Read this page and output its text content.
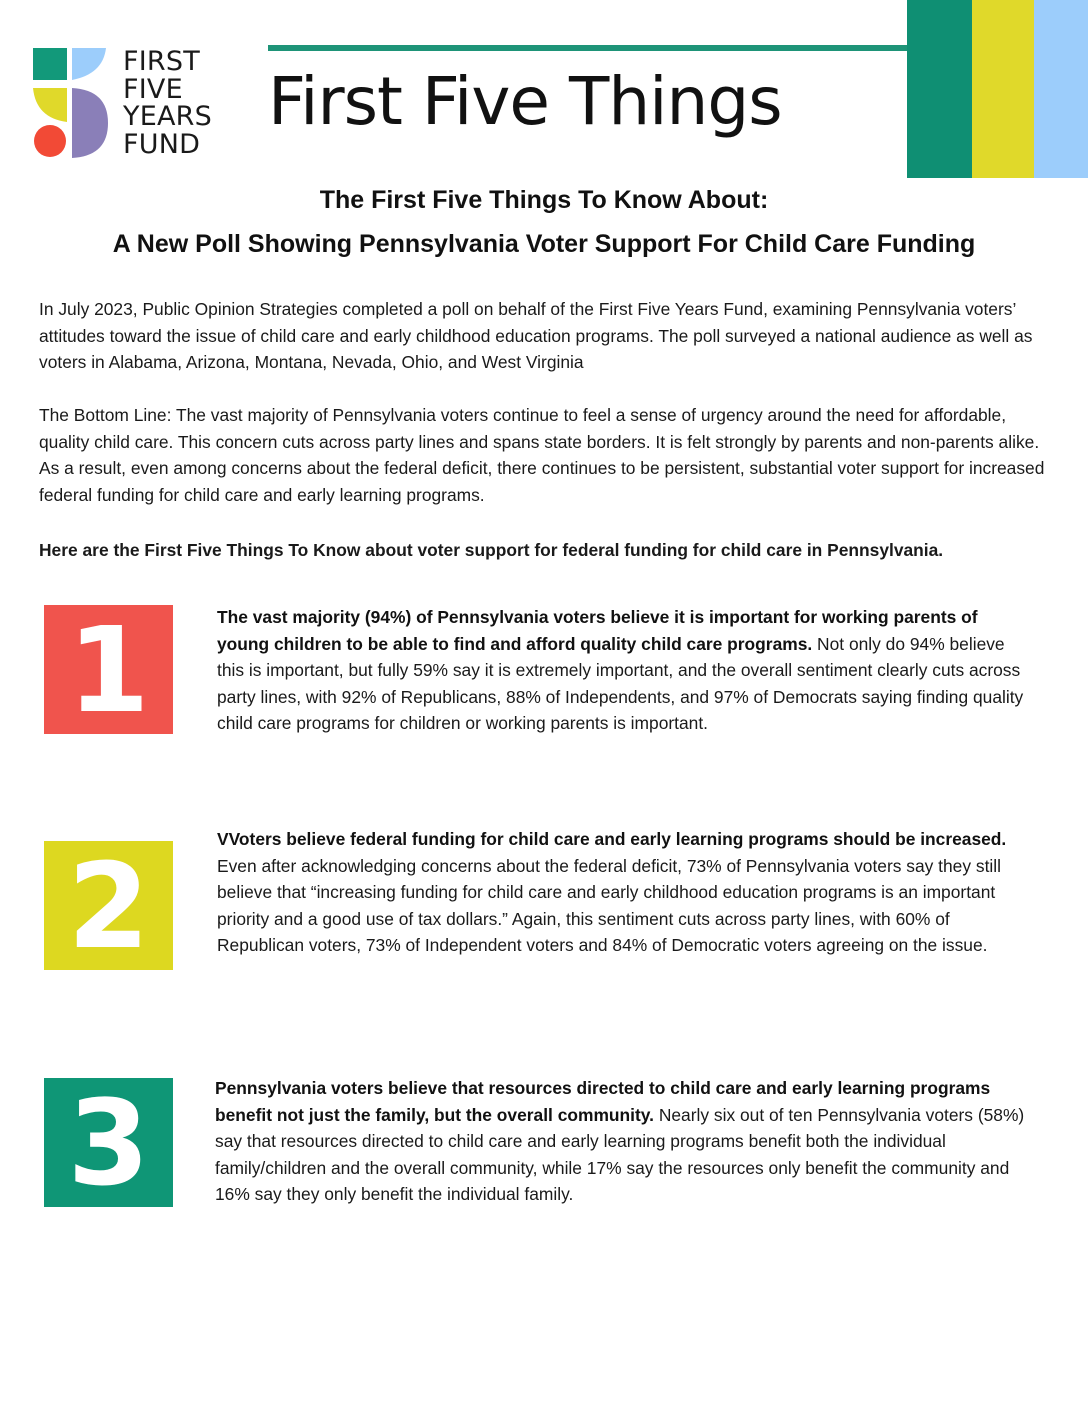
FIRST
FIVE
YEARS
FUND
First Five Things
The First Five Things To Know About:
A New Poll Showing Pennsylvania Voter Support For Child Care Funding

In July 2023, Public Opinion Strategies completed a poll on behalf of the First Five Years Fund, examining Pennsylvania voters’ attitudes toward the issue of child care and early childhood education programs. The poll surveyed a national audience as well as voters in Alabama, Arizona, Montana, Nevada, Ohio, and West Virginia

The Bottom Line: The vast majority of Pennsylvania voters continue to feel a sense of urgency around the need for affordable, quality child care. This concern cuts across party lines and spans state borders. It is felt strongly by parents and non-parents alike. As a result, even among concerns about the federal deficit, there continues to be persistent, substantial voter support for increased federal funding for child care and early learning programs.

Here are the First Five Things To Know about voter support for federal funding for child care in Pennsylvania.

1	The vast majority (94%) of Pennsylvania voters believe it is important for working parents of young children to be able to find and afford quality child care programs. Not only do 94% believe this is important, but fully 59% say it is extremely important, and the overall sentiment clearly cuts across party lines, with 92% of Republicans, 88% of Independents, and 97% of Democrats saying finding quality child care programs for children or working parents is important.

2	VVoters believe federal funding for child care and early learning programs should be increased. Even after acknowledging concerns about the federal deficit, 73% of Pennsylvania voters say they still believe that “increasing funding for child care and early childhood education programs is an important priority and a good use of tax dollars.” Again, this sentiment cuts across party lines, with 60% of Republican voters, 73% of Independent voters and 84% of Democratic voters agreeing on the issue.

3	Pennsylvania voters believe that resources directed to child care and early learning programs benefit not just the family, but the overall community. Nearly six out of ten Pennsylvania voters (58%) say that resources directed to child care and early learning programs benefit both the individual family/children and the overall community, while 17% say the resources only benefit the community and 16% say they only benefit the individual family.
